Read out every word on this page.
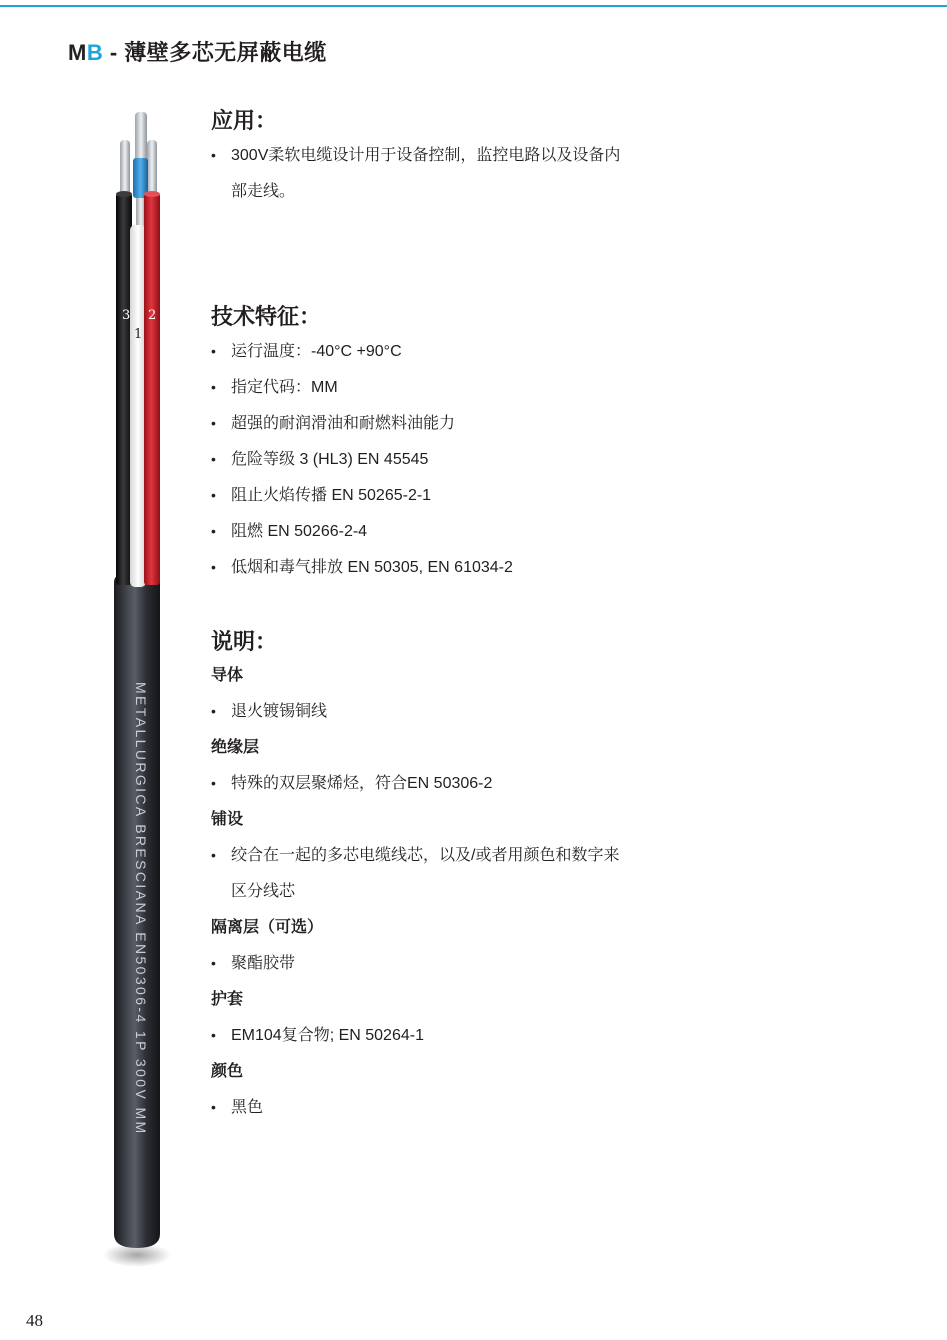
MB - 薄壁多芯无屏蔽电缆
3
1
2
METALLURGICA BRESCIANA EN50306-4 1P 300V MM
应用：
• 300V柔软电缆设计用于设备控制，监控电路以及设备内
部走线。
技术特征：
• 运行温度：-40°C +90°C
• 指定代码：MM
• 超强的耐润滑油和耐燃料油能力
• 危险等级 3 (HL3) EN 45545
• 阻止火焰传播 EN 50265-2-1
• 阻燃 EN 50266-2-4
• 低烟和毒气排放 EN 50305, EN 61034-2
说明：
导体
• 退火镀锡铜线
绝缘层
• 特殊的双层聚烯烃，符合EN 50306-2
铺设
• 绞合在一起的多芯电缆线芯，以及/或者用颜色和数字来
区分线芯
隔离层（可选）
• 聚酯胶带
护套
• EM104复合物; EN 50264-1
颜色
• 黑色
48
